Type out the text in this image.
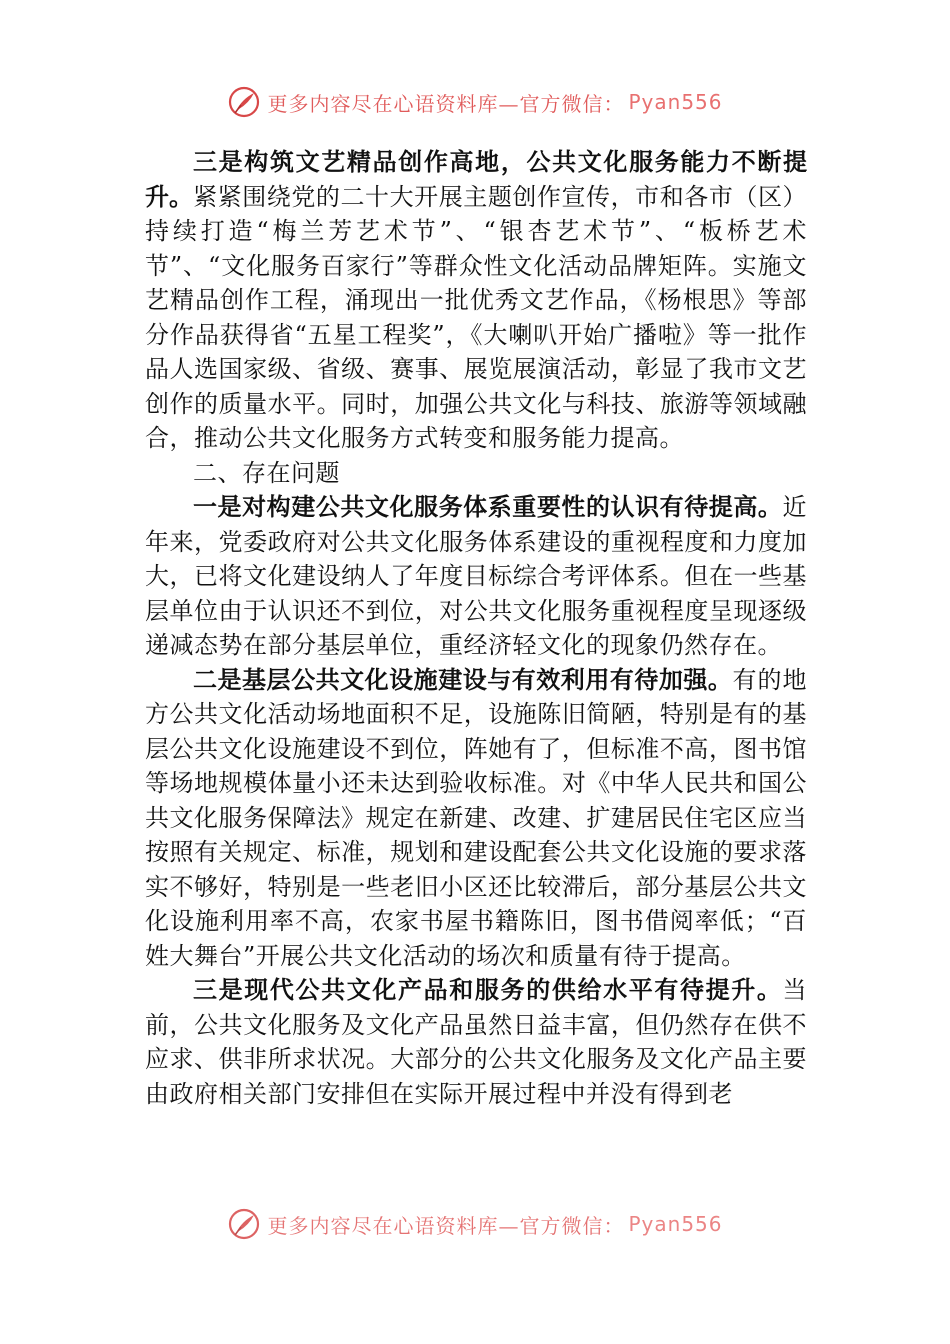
更多内容尽在心语资料库—官方微信： Pyan556

三是构筑文艺精品创作高地，公共文化服务能力不断提升。紧紧围绕党的二十大开展主题创作宣传，市和各市（区）持续打造“梅兰芳艺术节”、“银杏艺术节”、“板桥艺术节”、“文化服务百家行”等群众性文化活动品牌矩阵。实施文艺精品创作工程，涌现出一批优秀文艺作品，《杨根思》等部分作品获得省“五星工程奖”，《大喇叭开始广播啦》等一批作品人选国家级、省级、赛事、展览展演活动，彰显了我市文艺创作的质量水平。同时，加强公共文化与科技、旅游等领域融合，推动公共文化服务方式转变和服务能力提高。

二、存在问题

一是对构建公共文化服务体系重要性的认识有待提高。近年来，党委政府对公共文化服务体系建设的重视程度和力度加大，已将文化建设纳人了年度目标综合考评体系。但在一些基层单位由于认识还不到位，对公共文化服务重视程度呈现逐级递减态势在部分基层单位，重经济轻文化的现象仍然存在。

二是基层公共文化设施建设与有效利用有待加强。有的地方公共文化活动场地面积不足，设施陈旧简陋，特别是有的基层公共文化设施建设不到位，阵她有了，但标准不高，图书馆等场地规模体量小还未达到验收标准。对《中华人民共和国公共文化服务保障法》规定在新建、改建、扩建居民住宅区应当按照有关规定、标准，规划和建设配套公共文化设施的要求落实不够好，特别是一些老旧小区还比较滞后，部分基层公共文化设施利用率不高，农家书屋书籍陈旧，图书借阅率低；“百姓大舞台”开展公共文化活动的场次和质量有待于提高。

三是现代公共文化产品和服务的供给水平有待提升。当前，公共文化服务及文化产品虽然日益丰富，但仍然存在供不应求、供非所求状况。大部分的公共文化服务及文化产品主要由政府相关部门安排但在实际开展过程中并没有得到老

更多内容尽在心语资料库—官方微信： Pyan556
